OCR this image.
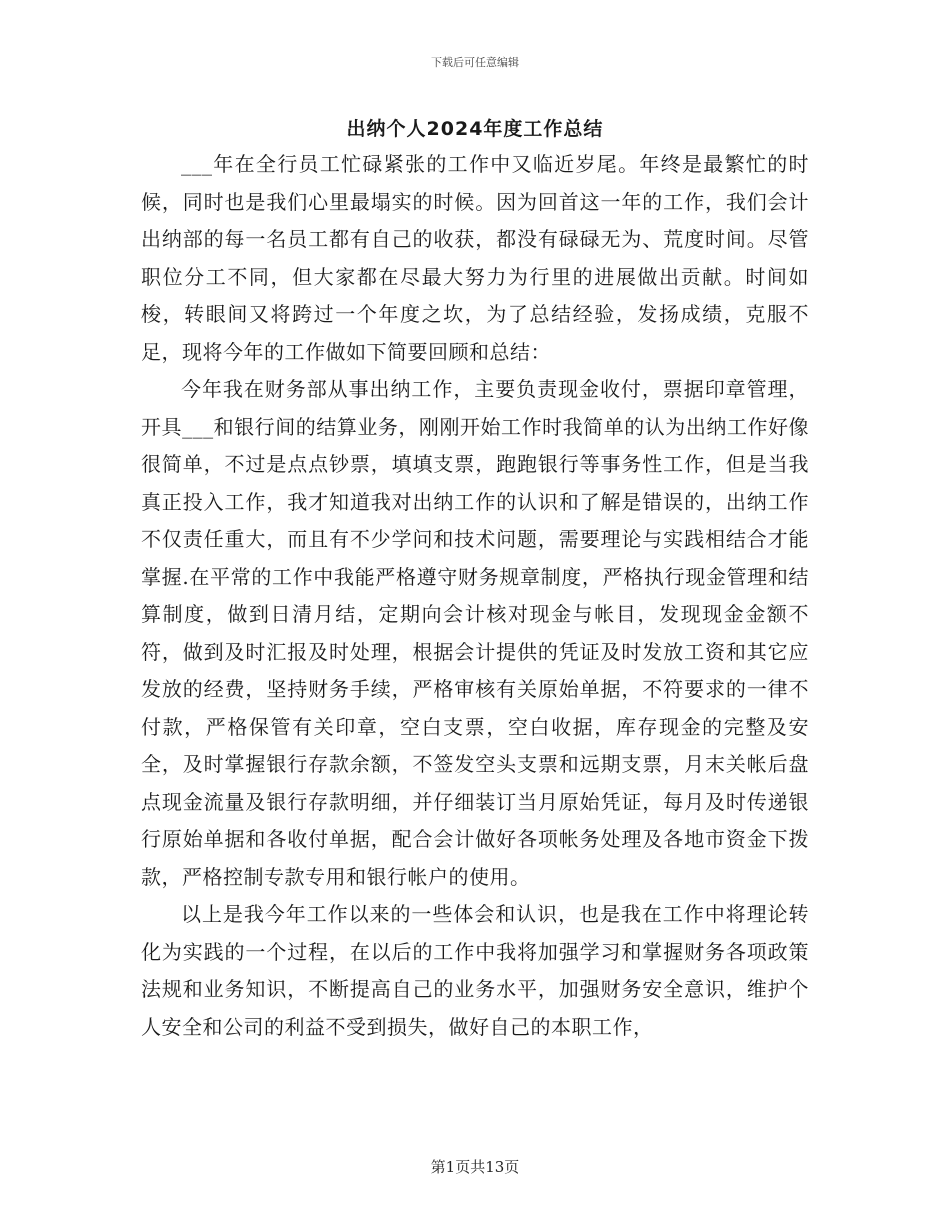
下载后可任意编辑
出纳个人2024年度工作总结

___年在全行员工忙碌紧张的工作中又临近岁尾。年终是最繁忙的时候，同时也是我们心里最塌实的时候。因为回首这一年的工作，我们会计出纳部的每一名员工都有自己的收获，都没有碌碌无为、荒度时间。尽管职位分工不同，但大家都在尽最大努力为行里的进展做出贡献。时间如梭，转眼间又将跨过一个年度之坎，为了总结经验，发扬成绩，克服不足，现将今年的工作做如下简要回顾和总结：

今年我在财务部从事出纳工作，主要负责现金收付，票据印章管理，开具___和银行间的结算业务，刚刚开始工作时我简单的认为出纳工作好像很简单，不过是点点钞票，填填支票，跑跑银行等事务性工作，但是当我真正投入工作，我才知道我对出纳工作的认识和了解是错误的，出纳工作不仅责任重大，而且有不少学问和技术问题，需要理论与实践相结合才能掌握.在平常的工作中我能严格遵守财务规章制度，严格执行现金管理和结算制度，做到日清月结，定期向会计核对现金与帐目，发现现金金额不符，做到及时汇报及时处理，根据会计提供的凭证及时发放工资和其它应发放的经费，坚持财务手续，严格审核有关原始单据，不符要求的一律不付款，严格保管有关印章，空白支票，空白收据，库存现金的完整及安全，及时掌握银行存款余额，不签发空头支票和远期支票，月末关帐后盘点现金流量及银行存款明细，并仔细装订当月原始凭证，每月及时传递银行原始单据和各收付单据，配合会计做好各项帐务处理及各地市资金下拨款，严格控制专款专用和银行帐户的使用。

以上是我今年工作以来的一些体会和认识，也是我在工作中将理论转化为实践的一个过程，在以后的工作中我将加强学习和掌握财务各项政策法规和业务知识，不断提高自己的业务水平，加强财务安全意识，维护个人安全和公司的利益不受到损失，做好自己的本职工作，

第1页共13页
